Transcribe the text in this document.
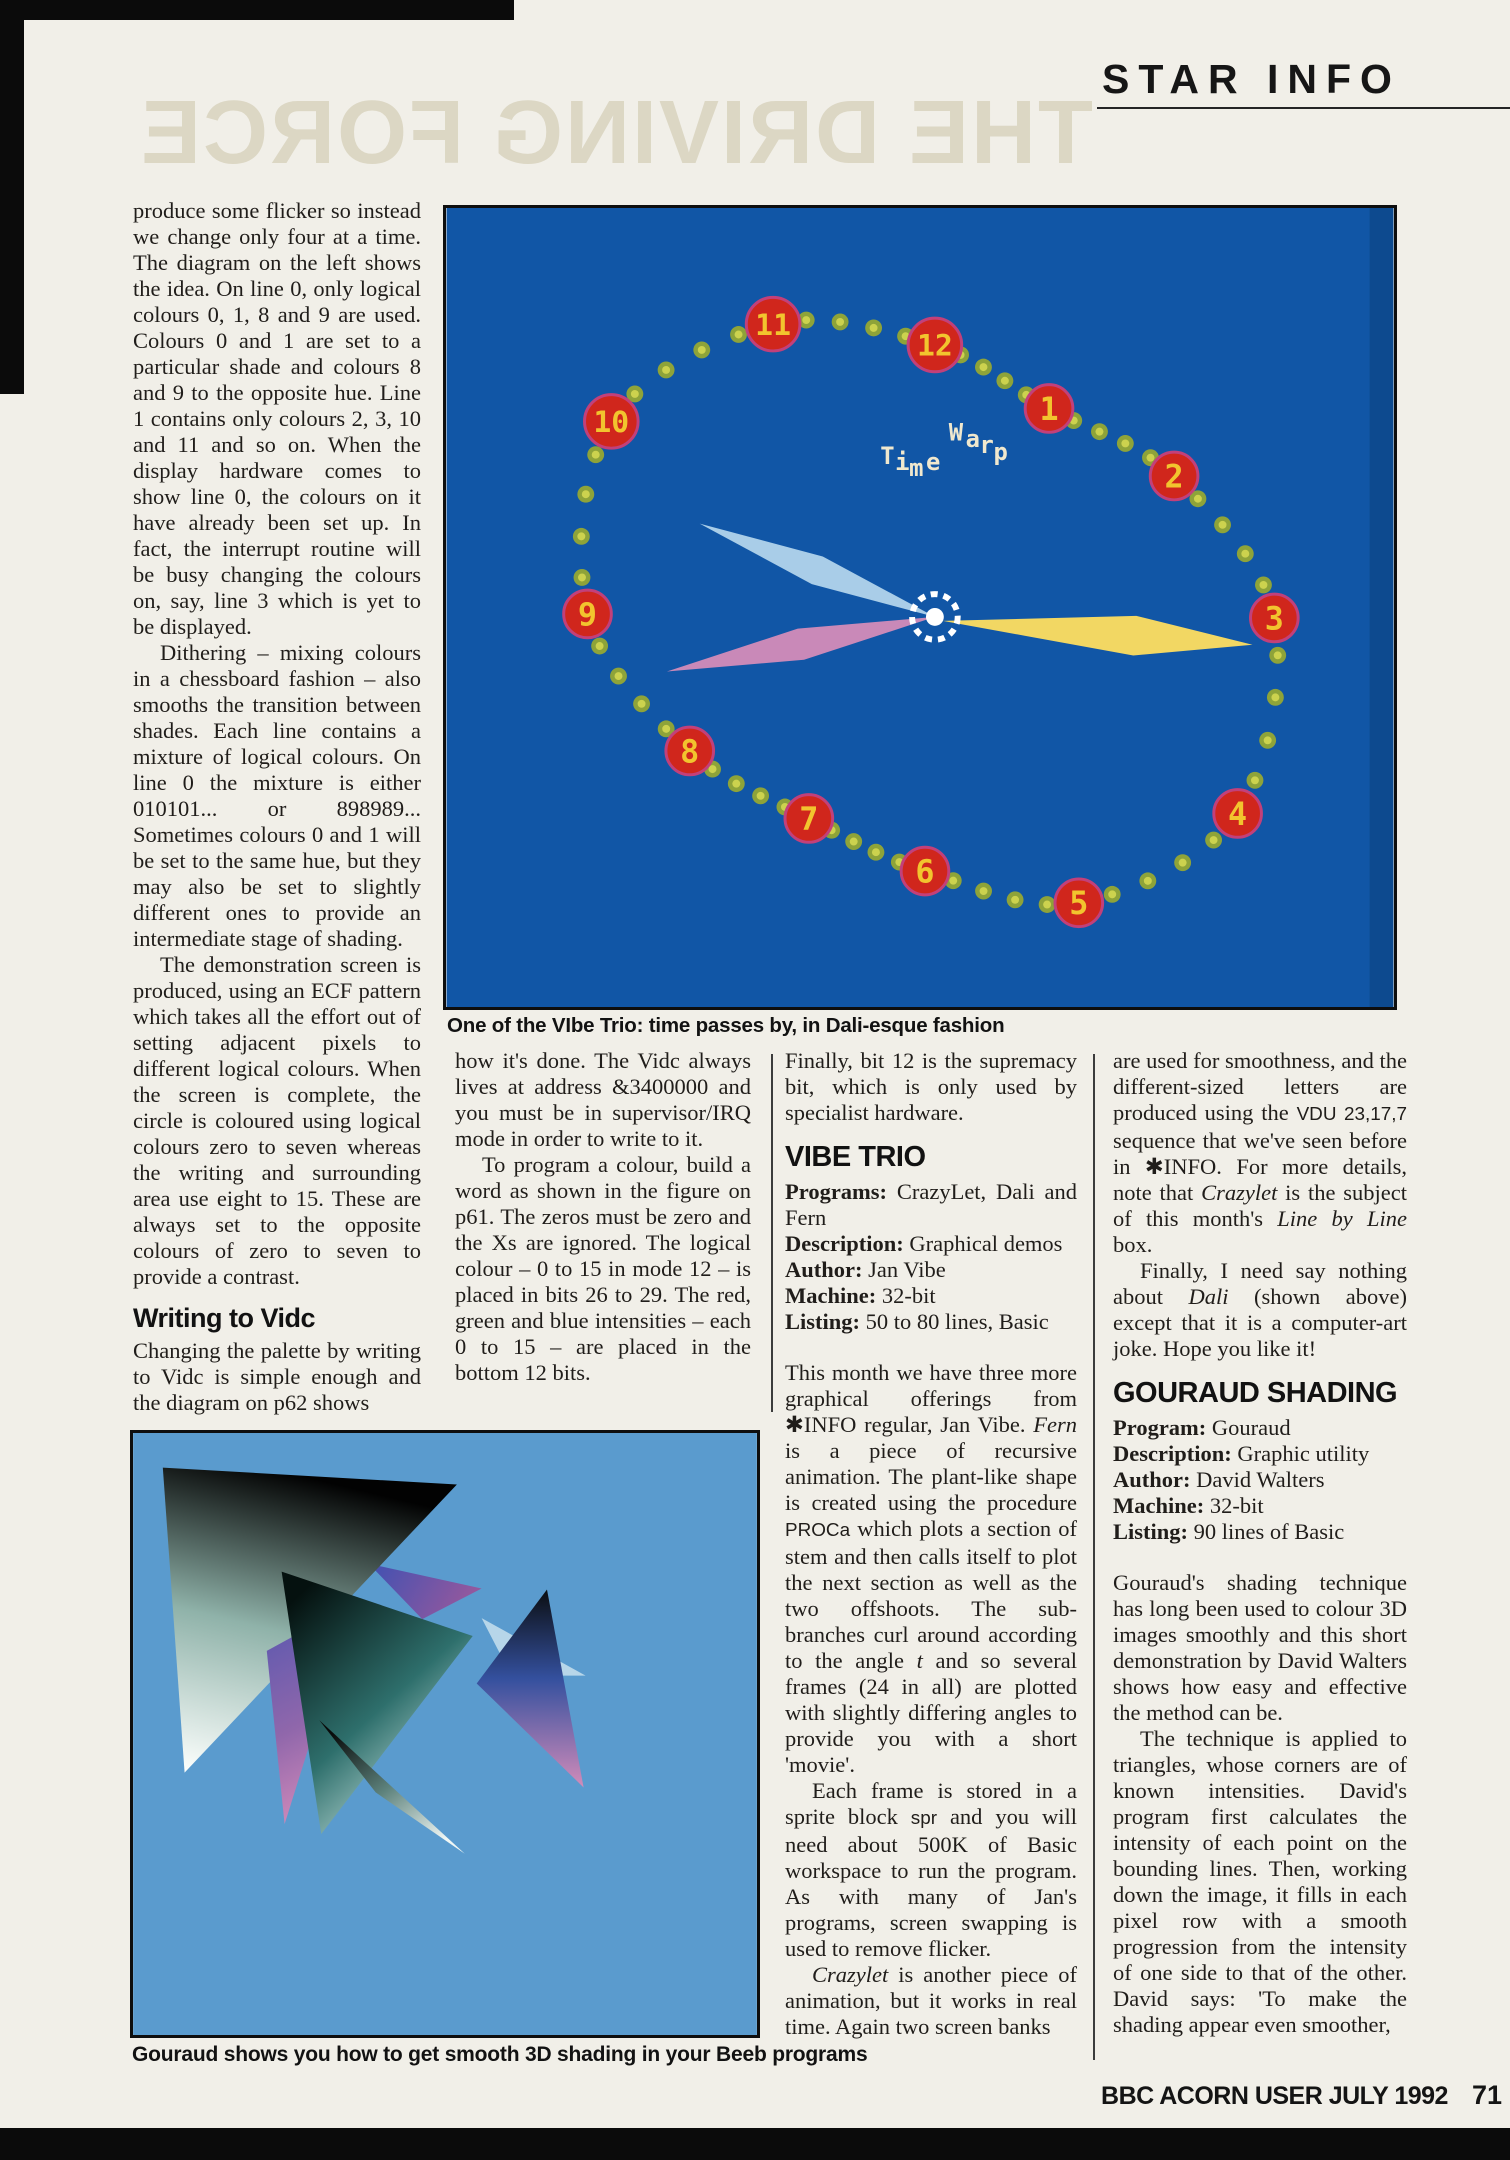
THE DRIVING FORCE
STAR INFO

produce some flicker so instead we change only four at a time. The diagram on the left shows the idea. On line 0, only logical colours 0, 1, 8 and 9 are used. Colours 0 and 1 are set to a particular shade and colours 8 and 9 to the opposite hue. Line 1 contains only colours 2, 3, 10 and 11 and so on. When the display hardware comes to show line 0, the colours on it have already been set up. In fact, the interrupt routine will be busy changing the colours on, say, line 3 which is yet to be displayed.

Dithering – mixing colours in a chessboard fashion – also smooths the transition between shades. Each line contains a mixture of logical colours. On line 0 the mixture is either 010101... or 898989... Sometimes colours 0 and 1 will be set to the same hue, but they may also be set to slightly different ones to provide an intermediate stage of shading.

The demonstration screen is produced, using an ECF pattern which takes all the effort out of setting adjacent pixels to different logical colours. When the screen is complete, the circle is coloured using logical colours zero to seven whereas the writing and surrounding area use eight to 15. These are always set to the opposite colours of zero to seven to provide a contrast.

Writing to Vidc

Changing the palette by writing to Vidc is simple enough and the diagram on p62 shows

1
2
3
4
5
6
7
8
9
10
11
12
T i m e
W a r p
One of the VIbe Trio: time passes by, in Dali-esque fashion

how it's done. The Vidc always lives at address &3400000 and you must be in supervisor/IRQ mode in order to write to it.

To program a colour, build a word as shown in the figure on p61. The zeros must be zero and the Xs are ignored. The logical colour – 0 to 15 in mode 12 – is placed in bits 26 to 29. The red, green and blue intensities – each 0 to 15 – are placed in the bottom 12 bits.

Finally, bit 12 is the supremacy bit, which is only used by specialist hardware.

VIBE TRIO

Programs: CrazyLet, Dali and Fern

Description: Graphical demos

Author: Jan Vibe

Machine: 32-bit

Listing: 50 to 80 lines, Basic

This month we have three more graphical offerings from ✱INFO regular, Jan Vibe. Fern is a piece of recursive animation. The plant-like shape is created using the procedure PROCa which plots a section of stem and then calls itself to plot the next section as well as the two offshoots. The sub-branches curl around according to the angle t and so several frames (24 in all) are plotted with slightly differing angles to provide you with a short 'movie'.

Each frame is stored in a sprite block spr and you will need about 500K of Basic workspace to run the program. As with many of Jan's programs, screen swapping is used to remove flicker.

Crazylet is another piece of animation, but it works in real time. Again two screen banks

are used for smoothness, and the different-sized letters are produced using the VDU 23,17,7 sequence that we've seen before in ✱INFO. For more details, note that Crazylet is the subject of this month's Line by Line box.

Finally, I need say nothing about Dali (shown above) except that it is a computer-art joke. Hope you like it!

GOURAUD SHADING

Program: Gouraud

Description: Graphic utility

Author: David Walters

Machine: 32-bit

Listing: 90 lines of Basic

Gouraud's shading technique has long been used to colour 3D images smoothly and this short demonstration by David Walters shows how easy and effective the method can be.

The technique is applied to triangles, whose corners are of known intensities. David's program first calculates the intensity of each point on the bounding lines. Then, working down the image, it fills in each pixel row with a smooth progression from the intensity of one side to that of the other. David says: 'To make the shading appear even smoother,

Gouraud shows you how to get smooth 3D shading in your Beeb programs
BBC ACORN USER JULY 1992 71
